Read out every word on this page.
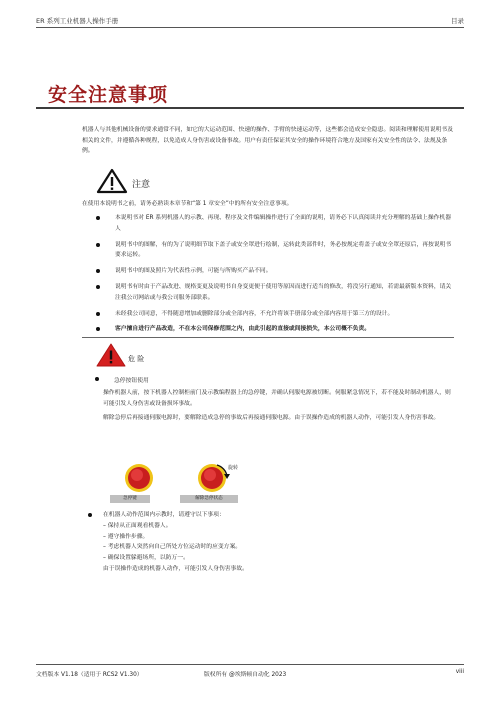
ER 系列工业机器人操作手册	目录
安全注意事项
机器人与其他机械设备的要求通常不同，如它的大运动范围、快速的操作、手臂的快速运动等，这些都会造成安全隐患。阅读和理解使用说明书及相关的文件，并遵循各种规程，以免造成人身伤害或设备事故。用户有责任保证其安全的操作环境符合地方及国家有关安全性的法令、法规及条例。
注意
在使用本说明书之前，请务必熟读本章节和“第 1 章安全”中的所有安全注意事项。
本说明书对 ER 系列机器人的示教、再现、程序及文件编辑操作进行了全面的说明，请务必下认真阅读并充分理解的基础上操作机器人
说明书中的图解，有的为了说明细节取下盖子或安全罩进行绘制，运转此类部件时，务必按规定将盖子或安全罩还原后，再按说明书要求运转。
说明书中的图及照片为代表性示例，可能与所购买产品不同。
说明书有时由于产品改进、规格变更及说明书自身变更便于使用等原因而进行适当的修改，将没另行通知，若需最新版本资料，请关注我公司网站或与我公司服务部联系。
未经我公司同意，不得随意增加或删除部分或全部内容，不允许将该手册部分或全部内容用于第三方的设计。
客户擅自进行产品改造，不在本公司保修范围之内，由此引起的直接或间接损失，本公司概不负责。
危 险
急停按钮使用
操作机器人前，按下机器人控制柜前门及示教编程器上的急停键，并确认伺服电源被切断。伺服紧急情况下，若不能及时制动机器人，则可能引发人身伤害或设备损坏事故。
解除急停后再接通伺服电源时，要解除造成急停的事故后再接通伺服电源。由于误操作造成的机器人动作，可能引发人身伤害事故。
急停键
旋转
解除急停状态
在机器人动作范围内示教时，请遵守以下事项：
– 保持从正面观看机器人。
– 遵守操作步骤。
– 考虑机器人突然向自己所处方位运动时的应变方案。
– 确保设置躲避场所，以防万一。
由于误操作造成的机器人动作，可能引发人身伤害事故。
文档版本 V1.18（适用于 RCS2 V1.30）	版权所有 @埃斯顿自动化 2023	viii
